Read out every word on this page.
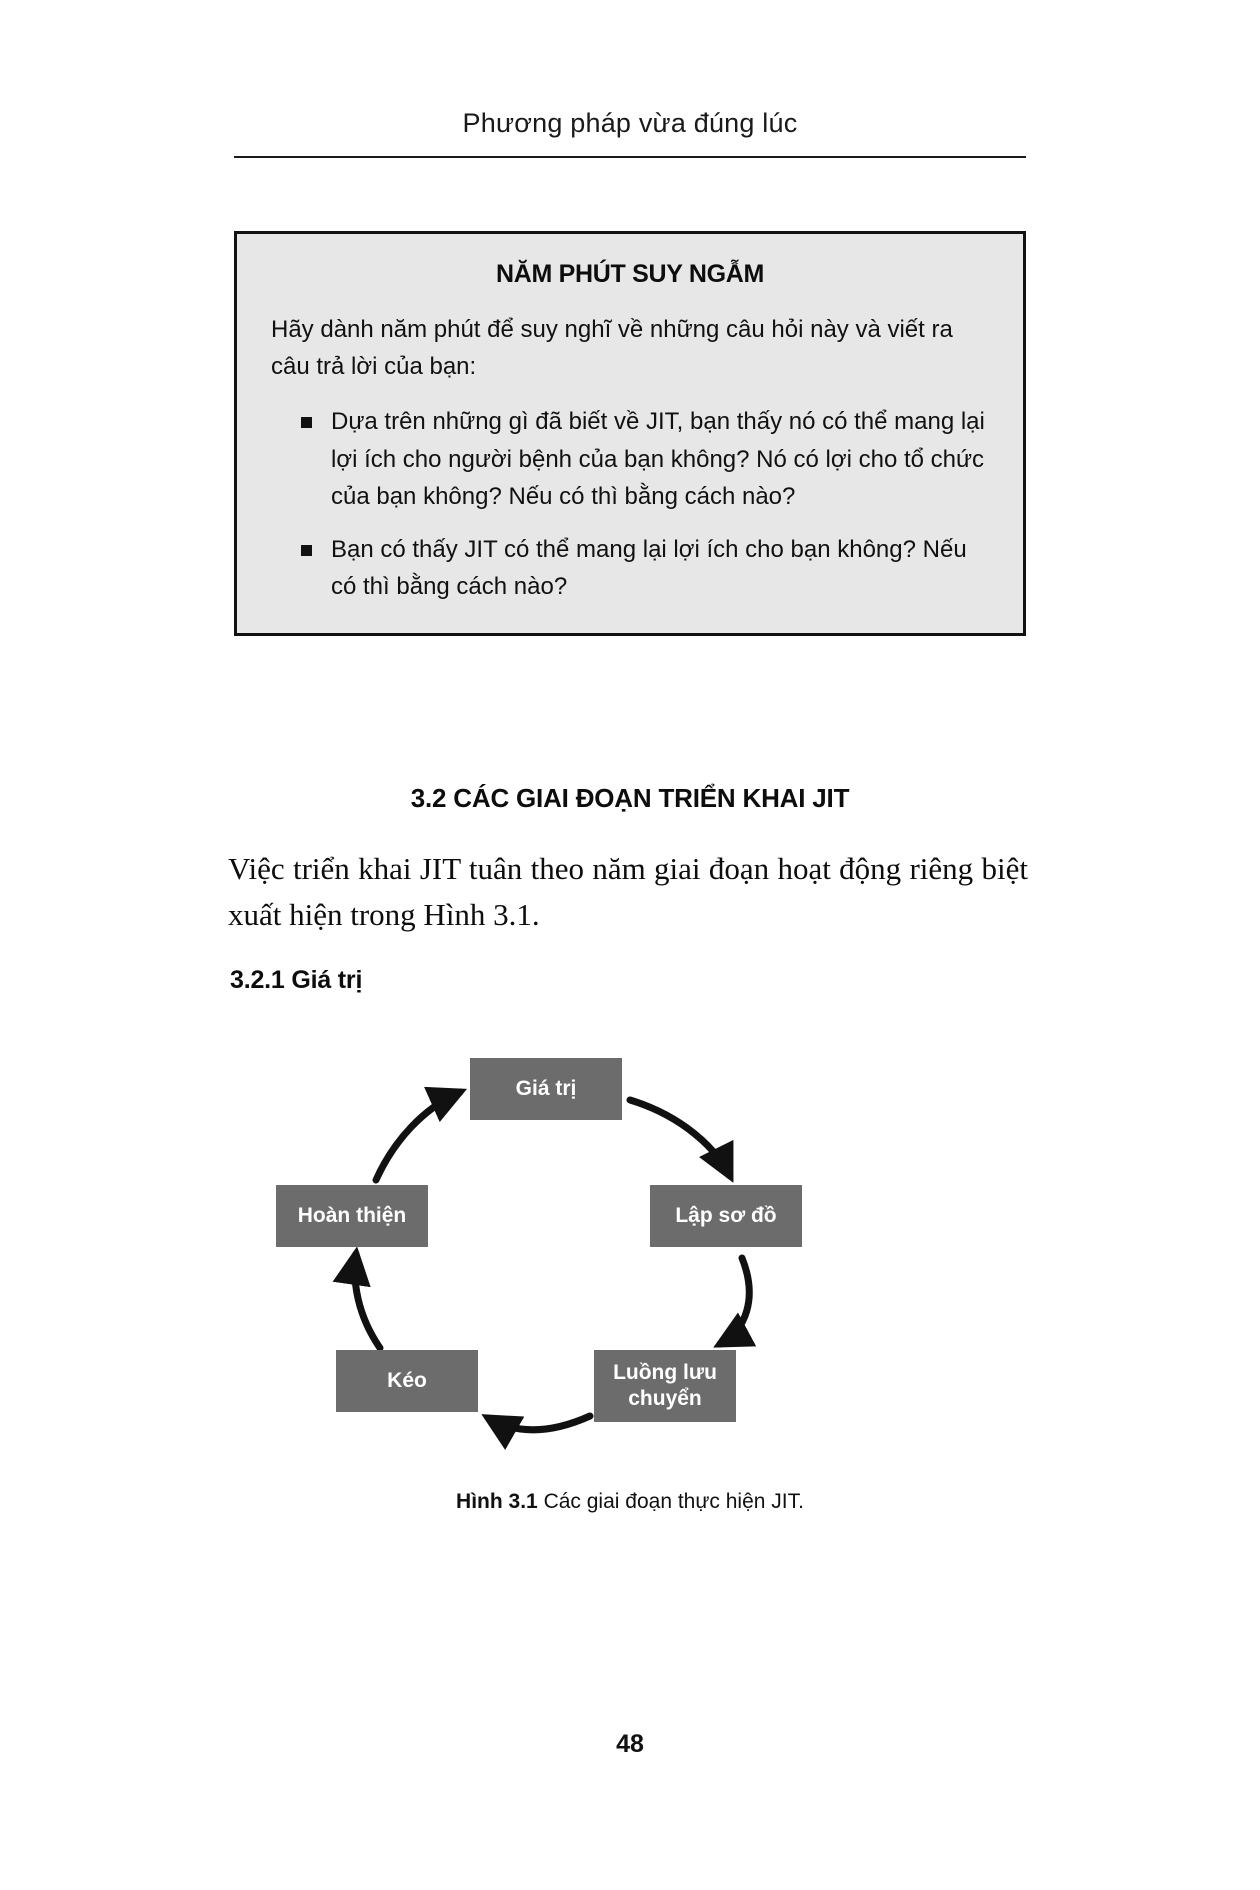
Phương pháp vừa đúng lúc
NĂM PHÚT SUY NGẪM

Hãy dành năm phút để suy nghĩ về những câu hỏi này và viết ra câu trả lời của bạn:

Dựa trên những gì đã biết về JIT, bạn thấy nó có thể mang lại lợi ích cho người bệnh của bạn không? Nó có lợi cho tổ chức của bạn không? Nếu có thì bằng cách nào?
Bạn có thấy JIT có thể mang lại lợi ích cho bạn không? Nếu có thì bằng cách nào?
3.2 CÁC GIAI ĐOẠN TRIỂN KHAI JIT
Việc triển khai JIT tuân theo năm giai đoạn hoạt động riêng biệt xuất hiện trong Hình 3.1.
3.2.1 Giá trị
Giá trị
Lập sơ đồ
Luồng lưu chuyển
Kéo
Hoàn thiện
Hình 3.1 Các giai đoạn thực hiện JIT.
48
